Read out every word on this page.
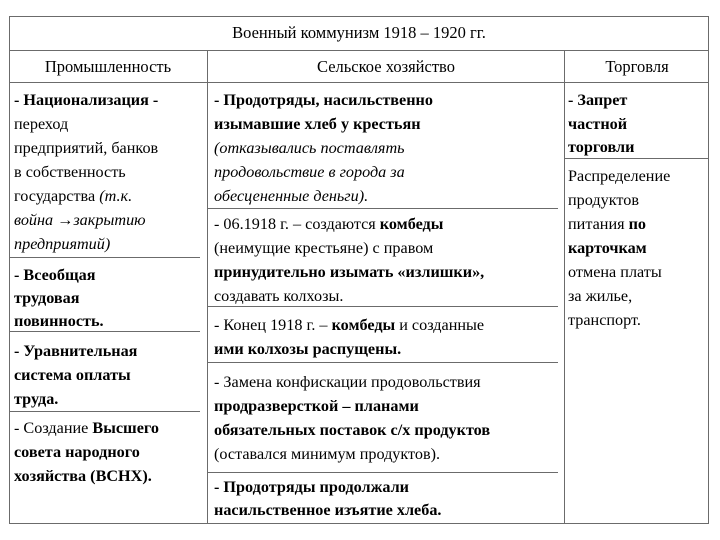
Военный коммунизм 1918 – 1920 гг.
Промышленность	Сельское хозяйство	Торговля
- Национализация -
переход
предприятий, банков
в собственность
государства (т.к.
война →закрытию
предприятий)
- Всеобщая
трудовая
повинность.
- Уравнительная
система оплаты
труда.
- Создание Высшего
совета народного
хозяйства (ВСНХ).
- Продотряды, насильственно
изымавшие хлеб у крестьян
(отказывались поставлять
продовольствие в города за
обесцененные деньги).
- 06.1918 г. – создаются комбеды
(неимущие крестьяне) с правом
принудительно изымать «излишки»,
создавать колхозы.
- Конец 1918 г. – комбеды и созданные
ими колхозы распущены.
- Замена конфискации продовольствия
продразверсткой – планами
обязательных поставок с/х продуктов
(оставался минимум продуктов).
- Продотряды продолжали
насильственное изъятие хлеба.
- Запрет
частной
торговли
Распределение
продуктов
питания по
карточкам
отмена платы
за жилье,
транспорт.
